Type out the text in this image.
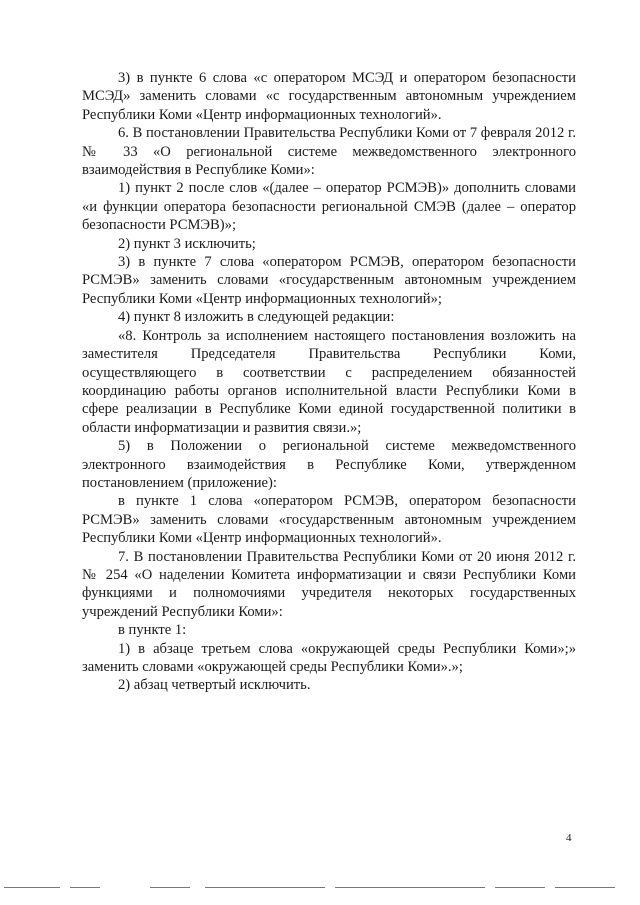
3) в пункте 6 слова «с оператором МСЭД и оператором безопасности МСЭД» заменить словами «с государственным автономным учреждением Республики Коми «Центр информационных технологий».

6. В постановлении Правительства Республики Коми от 7 февраля 2012 г. № 33 «О региональной системе межведомственного электронного взаимодействия в Республике Коми»:

1) пункт 2 после слов «(далее – оператор РСМЭВ)» дополнить словами «и функции оператора безопасности региональной СМЭВ (далее – оператор безопасности РСМЭВ)»;

2) пункт 3 исключить;

3) в пункте 7 слова «оператором РСМЭВ, оператором безопасности РСМЭВ» заменить словами «государственным автономным учреждением Республики Коми «Центр информационных технологий»;

4) пункт 8 изложить в следующей редакции:

«8. Контроль за исполнением настоящего постановления возложить на заместителя Председателя Правительства Республики Коми, осуществляющего в соответствии с распределением обязанностей координацию работы органов исполнительной власти Республики Коми в сфере реализации в Республике Коми единой государственной политики в области информатизации и развития связи.»;

5) в Положении о региональной системе межведомственного электронного взаимодействия в Республике Коми, утвержденном постановлением (приложение):

в пункте 1 слова «оператором РСМЭВ, оператором безопасности РСМЭВ» заменить словами «государственным автономным учреждением Республики Коми «Центр информационных технологий».

7. В постановлении Правительства Республики Коми от 20 июня 2012 г. № 254 «О наделении Комитета информатизации и связи Республики Коми функциями и полномочиями учредителя некоторых государственных учреждений Республики Коми»:

в пункте 1:

1) в абзаце третьем слова «окружающей среды Республики Коми»;» заменить словами «окружающей среды Республики Коми».»;

2) абзац четвертый исключить.

4
